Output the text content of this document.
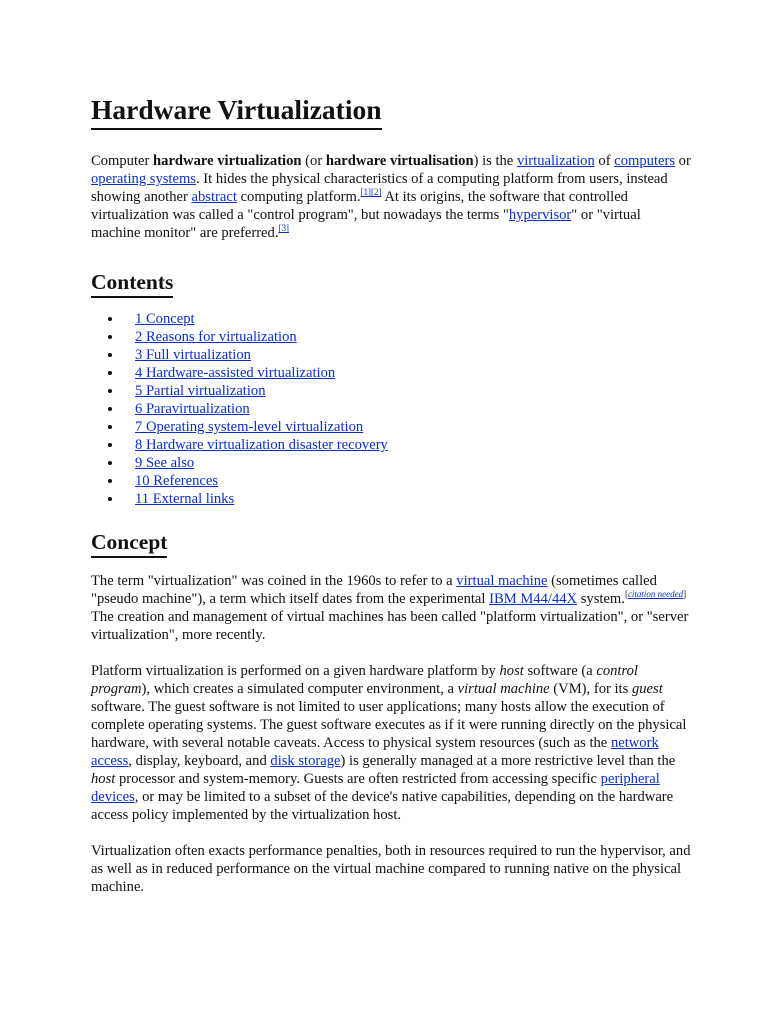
Hardware Virtualization

Computer hardware virtualization (or hardware virtualisation) is the virtualization of computers or operating systems. It hides the physical characteristics of a computing platform from users, instead showing another abstract computing platform.[1][2] At its origins, the software that controlled virtualization was called a "control program", but nowadays the terms "hypervisor" or "virtual machine monitor" are preferred.[3]

Contents
1 Concept
2 Reasons for virtualization
3 Full virtualization
4 Hardware-assisted virtualization
5 Partial virtualization
6 Paravirtualization
7 Operating system-level virtualization
8 Hardware virtualization disaster recovery
9 See also
10 References
11 External links
Concept

The term "virtualization" was coined in the 1960s to refer to a virtual machine (sometimes called "pseudo machine"), a term which itself dates from the experimental IBM M44/44X system.[citation needed] The creation and management of virtual machines has been called "platform virtualization", or "server virtualization", more recently.

Platform virtualization is performed on a given hardware platform by host software (a control program), which creates a simulated computer environment, a virtual machine (VM), for its guest software. The guest software is not limited to user applications; many hosts allow the execution of complete operating systems. The guest software executes as if it were running directly on the physical hardware, with several notable caveats. Access to physical system resources (such as the network access, display, keyboard, and disk storage) is generally managed at a more restrictive level than the host processor and system-memory. Guests are often restricted from accessing specific peripheral devices, or may be limited to a subset of the device's native capabilities, depending on the hardware access policy implemented by the virtualization host.

Virtualization often exacts performance penalties, both in resources required to run the hypervisor, and as well as in reduced performance on the virtual machine compared to running native on the physical machine.
